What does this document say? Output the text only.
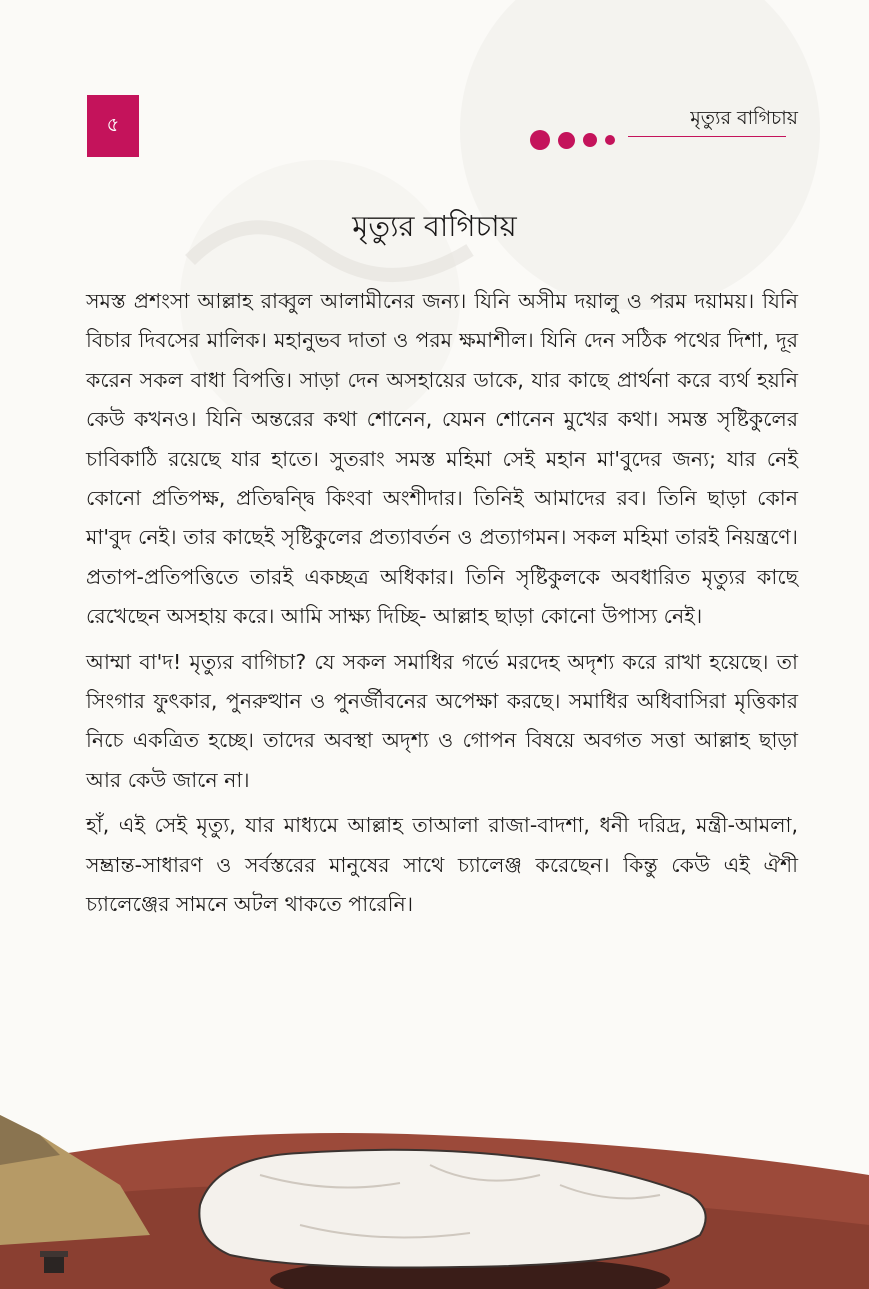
৫	মৃত্যুর বাগিচায়
মৃত্যুর বাগিচায়

সমস্ত প্রশংসা আল্লাহ রাব্বুল আলামীনের জন্য। যিনি অসীম দয়ালু ও পরম দয়াময়। যিনি বিচার দিবসের মালিক। মহানুভব দাতা ও পরম ক্ষমাশীল। যিনি দেন সঠিক পথের দিশা, দূর করেন সকল বাধা বিপত্তি। সাড়া দেন অসহায়ের ডাকে, যার কাছে প্রার্থনা করে ব্যর্থ হয়নি কেউ কখনও। যিনি অন্তরের কথা শোনেন, যেমন শোনেন মুখের কথা। সমস্ত সৃষ্টিকুলের চাবিকাঠি রয়েছে যার হাতে। সুতরাং সমস্ত মহিমা সেই মহান মা'বুদের জন্য; যার নেই কোনো প্রতিপক্ষ, প্রতিদ্বন্দ্বি কিংবা অংশীদার। তিনিই আমাদের রব। তিনি ছাড়া কোন মা'বুদ নেই। তার কাছেই সৃষ্টিকুলের প্রত্যাবর্তন ও প্রত্যাগমন। সকল মহিমা তারই নিয়ন্ত্রণে। প্রতাপ-প্রতিপত্তিতে তারই একচ্ছত্র অধিকার। তিনি সৃষ্টিকুলকে অবধারিত মৃত্যুর কাছে রেখেছেন অসহায় করে। আমি সাক্ষ্য দিচ্ছি- আল্লাহ ছাড়া কোনো উপাস্য নেই।

আম্মা বা'দ! মৃত্যুর বাগিচা? যে সকল সমাধির গর্ভে মরদেহ অদৃশ্য করে রাখা হয়েছে। তা সিংগার ফুৎকার, পুনরুত্থান ও পুনর্জীবনের অপেক্ষা করছে। সমাধির অধিবাসিরা মৃত্তিকার নিচে একত্রিত হচ্ছে। তাদের অবস্থা অদৃশ্য ও গোপন বিষয়ে অবগত সত্তা আল্লাহ ছাড়া আর কেউ জানে না।

হাঁ, এই সেই মৃত্যু, যার মাধ্যমে আল্লাহ তাআলা রাজা-বাদশা, ধনী দরিদ্র, মন্ত্রী-আমলা, সম্ভ্রান্ত-সাধারণ ও সর্বস্তরের মানুষের সাথে চ্যালেঞ্জ করেছেন। কিন্তু কেউ এই ঐশী চ্যালেঞ্জের সামনে অটল থাকতে পারেনি।
